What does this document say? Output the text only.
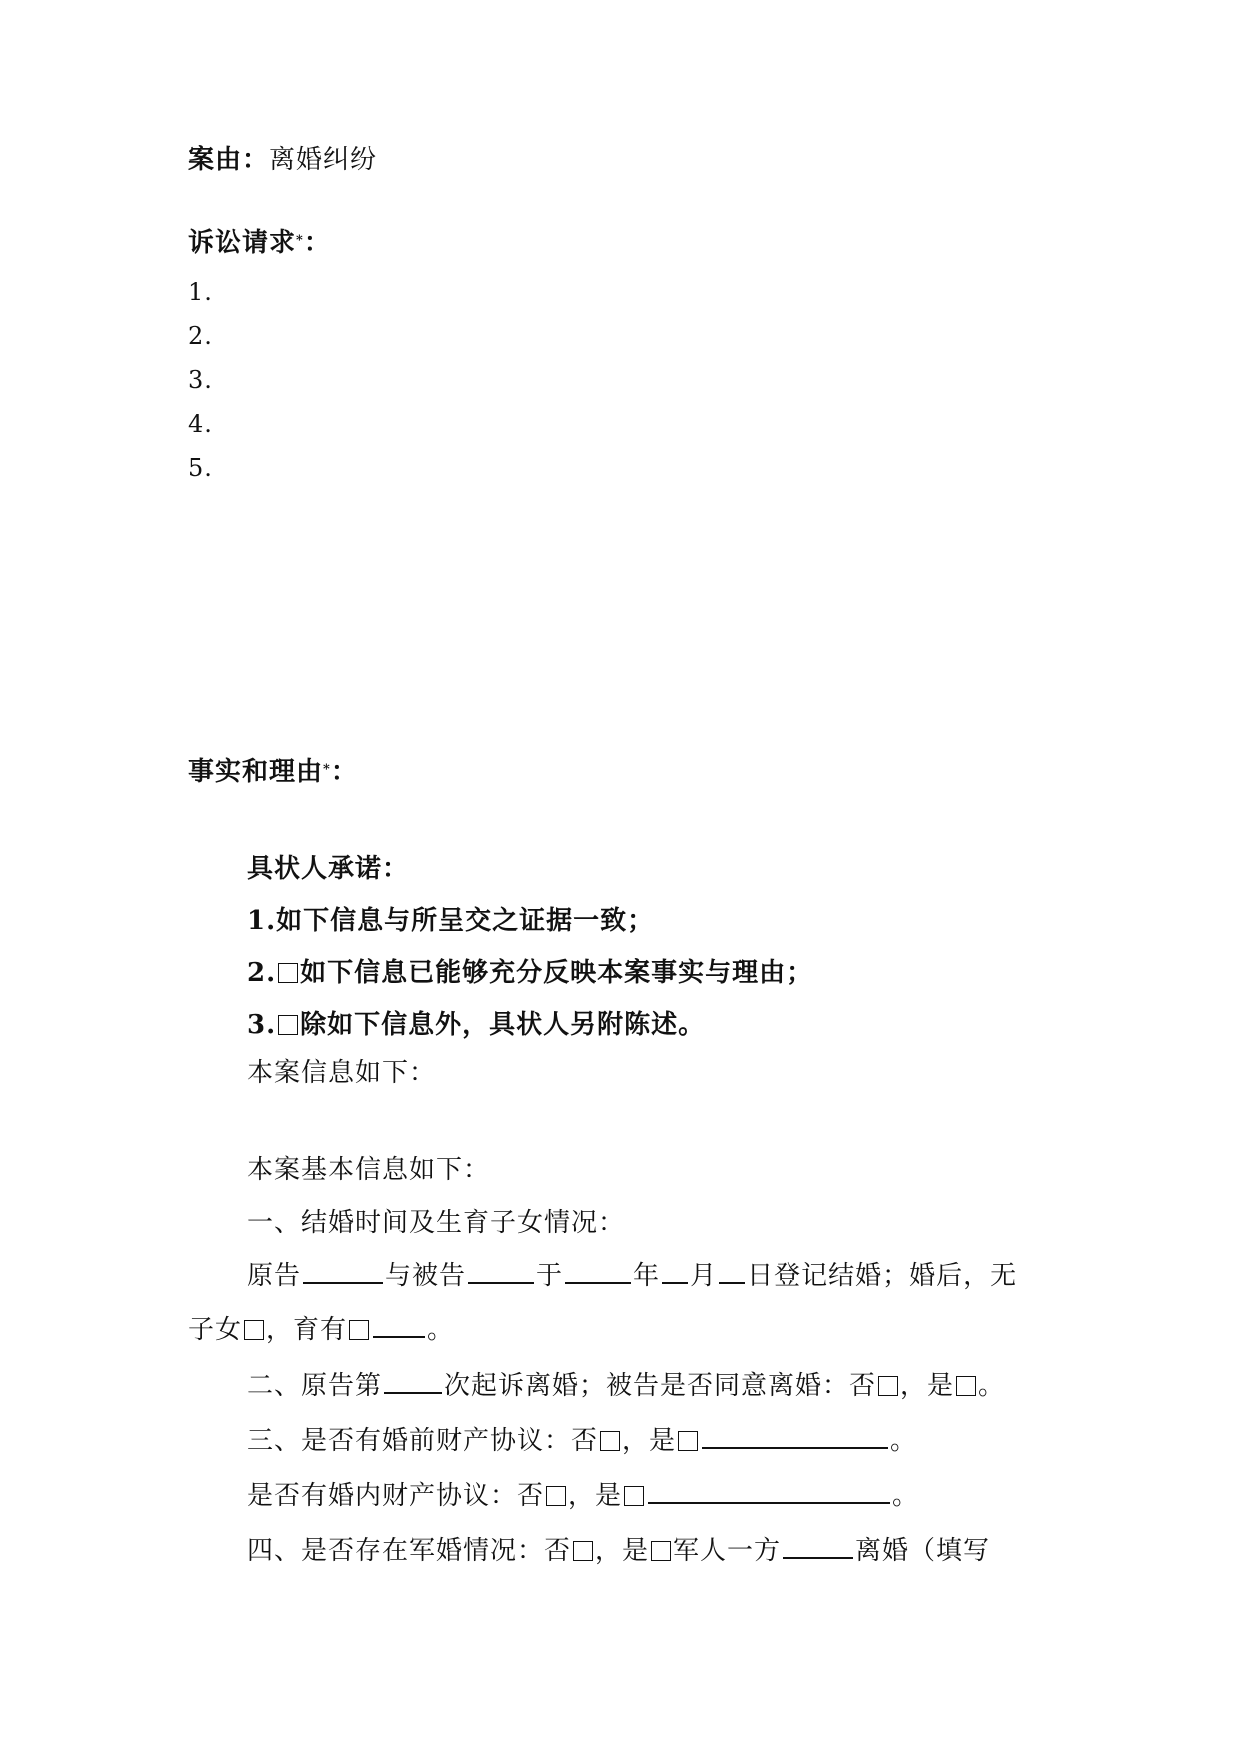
案由：离婚纠纷
诉讼请求*：
1.
2.
3.
4.
5.
事实和理由*：
具状人承诺：
1.如下信息与所呈交之证据一致；
2. 如下信息已能够充分反映本案事实与理由；
3. 除如下信息外，具状人另附陈述。
本案信息如下：
本案基本信息如下：
一、结婚时间及生育子女情况：
原告	与被告	于	年 月 日登记结婚；婚后，无
子女 ，育有	。
二、原告第 次起诉离婚；被告是否同意离婚：否 ，是 。
三、是否有婚前财产协议：否 ，是	。
是否有婚内财产协议：否 ，是	。
四、是否存在军婚情况：否 ，是 军人一方	离婚（填写
